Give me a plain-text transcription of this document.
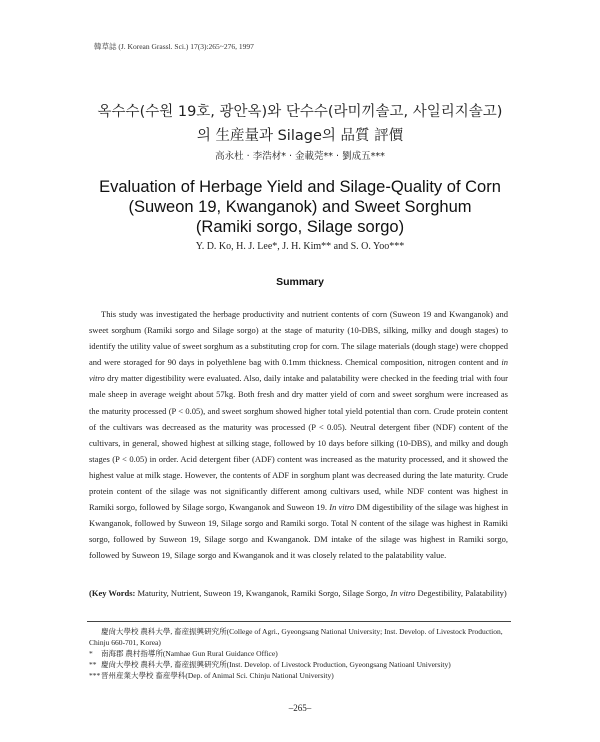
韓草誌 (J. Korean Grassl. Sci.) 17(3):265~276, 1997
옥수수(수원 19호, 광안옥)와 단수수(라미끼솔고, 사일리지솔고)
의 生産量과 Silage의 品質 評價
高永杜 · 李浩材* · 金載莞** · 劉成五***
Evaluation of Herbage Yield and Silage-Quality of Corn
(Suweon 19, Kwanganok) and Sweet Sorghum
(Ramiki sorgo, Silage sorgo)
Y. D. Ko, H. J. Lee*, J. H. Kim** and S. O. Yoo***
Summary

This study was investigated the herbage productivity and nutrient contents of corn (Suweon 19 and Kwanganok) and sweet sorghum (Ramiki sorgo and Silage sorgo) at the stage of maturity (10-DBS, silking, milky and dough stages) to identify the utility value of sweet sorghum as a substituting crop for corn. The silage materials (dough stage) were chopped and were storaged for 90 days in polyethlene bag with 0.1mm thickness. Chemical composition, nitrogen content and in vitro dry matter digestibility were evaluated. Also, daily intake and palatability were checked in the feeding trial with four male sheep in average weight about 57kg. Both fresh and dry matter yield of corn and sweet sorghum were increased as the maturity processed (P < 0.05), and sweet sorghum showed higher total yield potential than corn. Crude protein content of the cultivars was decreased as the maturity was processed (P < 0.05). Neutral detergent fiber (NDF) content of the cultivars, in general, showed highest at silking stage, followed by 10 days before silking (10-DBS), and milky and dough stages (P < 0.05) in order. Acid detergent fiber (ADF) content was increased as the maturity processed, and it showed the highest value at milk stage. However, the contents of ADF in sorghum plant was decreased during the late maturity. Crude protein content of the silage was not significantly different among cultivars used, while NDF content was highest in Ramiki sorgo, followed by Silage sorgo, Kwanganok and Suweon 19. In vitro DM digestibility of the silage was highest in Kwanganok, followed by Suweon 19, Silage sorgo and Ramiki sorgo. Total N content of the silage was highest in Ramiki sorgo, followed by Suweon 19, Silage sorgo and Kwanganok. DM intake of the silage was highest in Ramiki sorgo, followed by Suweon 19, Silage sorgo and Kwanganok and it was closely related to the palatability value.

(Key Words: Maturity, Nutrient, Suweon 19, Kwanganok, Ramiki Sorgo, Silage Sorgo, In vitro Degestibility, Palatability)

慶尙大學校 農科大學, 畜産振興硏究所(College of Agri., Gyeongsang National University; Inst. Develop. of Livestock Production, Chinju 660-701, Korea)

* 南海郡 農村指導所(Namhae Gun Rural Guidance Office)

** 慶尙大學校 農科大學, 畜産振興硏究所(Inst. Develop. of Livestock Production, Gyeongsang Natioanl University)

***晋州産業大學校 畜産學科(Dep. of Animal Sci. Chinju National University)

–265–
